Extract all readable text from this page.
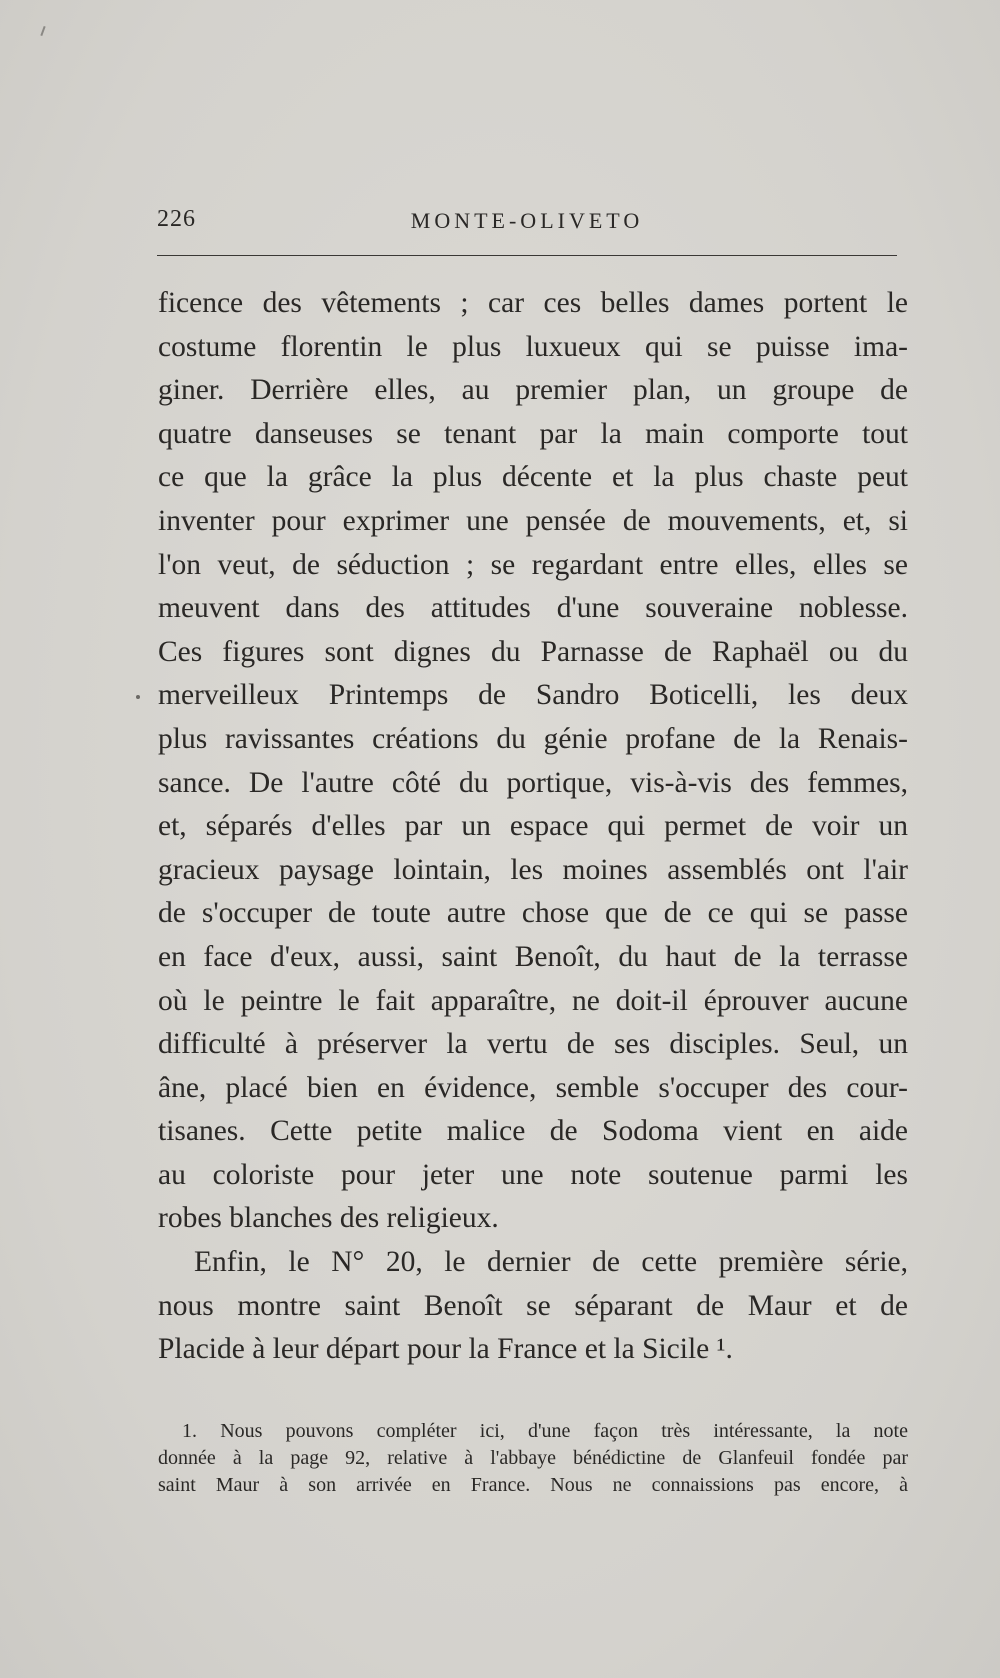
226	MONTE-OLIVETO
ficence des vêtements ; car ces belles dames portent le
costume florentin le plus luxueux qui se puisse ima-
giner. Derrière elles, au premier plan, un groupe de
quatre danseuses se tenant par la main comporte tout
ce que la grâce la plus décente et la plus chaste peut
inventer pour exprimer une pensée de mouvements, et, si
l'on veut, de séduction ; se regardant entre elles, elles se
meuvent dans des attitudes d'une souveraine noblesse.
Ces figures sont dignes du Parnasse de Raphaël ou du
merveilleux Printemps de Sandro Boticelli, les deux
plus ravissantes créations du génie profane de la Renais-
sance. De l'autre côté du portique, vis-à-vis des femmes,
et, séparés d'elles par un espace qui permet de voir un
gracieux paysage lointain, les moines assemblés ont l'air
de s'occuper de toute autre chose que de ce qui se passe
en face d'eux, aussi, saint Benoît, du haut de la terrasse
où le peintre le fait apparaître, ne doit-il éprouver aucune
difficulté à préserver la vertu de ses disciples. Seul, un
âne, placé bien en évidence, semble s'occuper des cour-
tisanes. Cette petite malice de Sodoma vient en aide
au coloriste pour jeter une note soutenue parmi les
robes blanches des religieux.
Enfin, le N° 20, le dernier de cette première série,
nous montre saint Benoît se séparant de Maur et de
Placide à leur départ pour la France et la Sicile ¹.
1. Nous pouvons compléter ici, d'une façon très intéressante, la note
donnée à la page 92, relative à l'abbaye bénédictine de Glanfeuil fondée par
saint Maur à son arrivée en France. Nous ne connaissions pas encore, à
